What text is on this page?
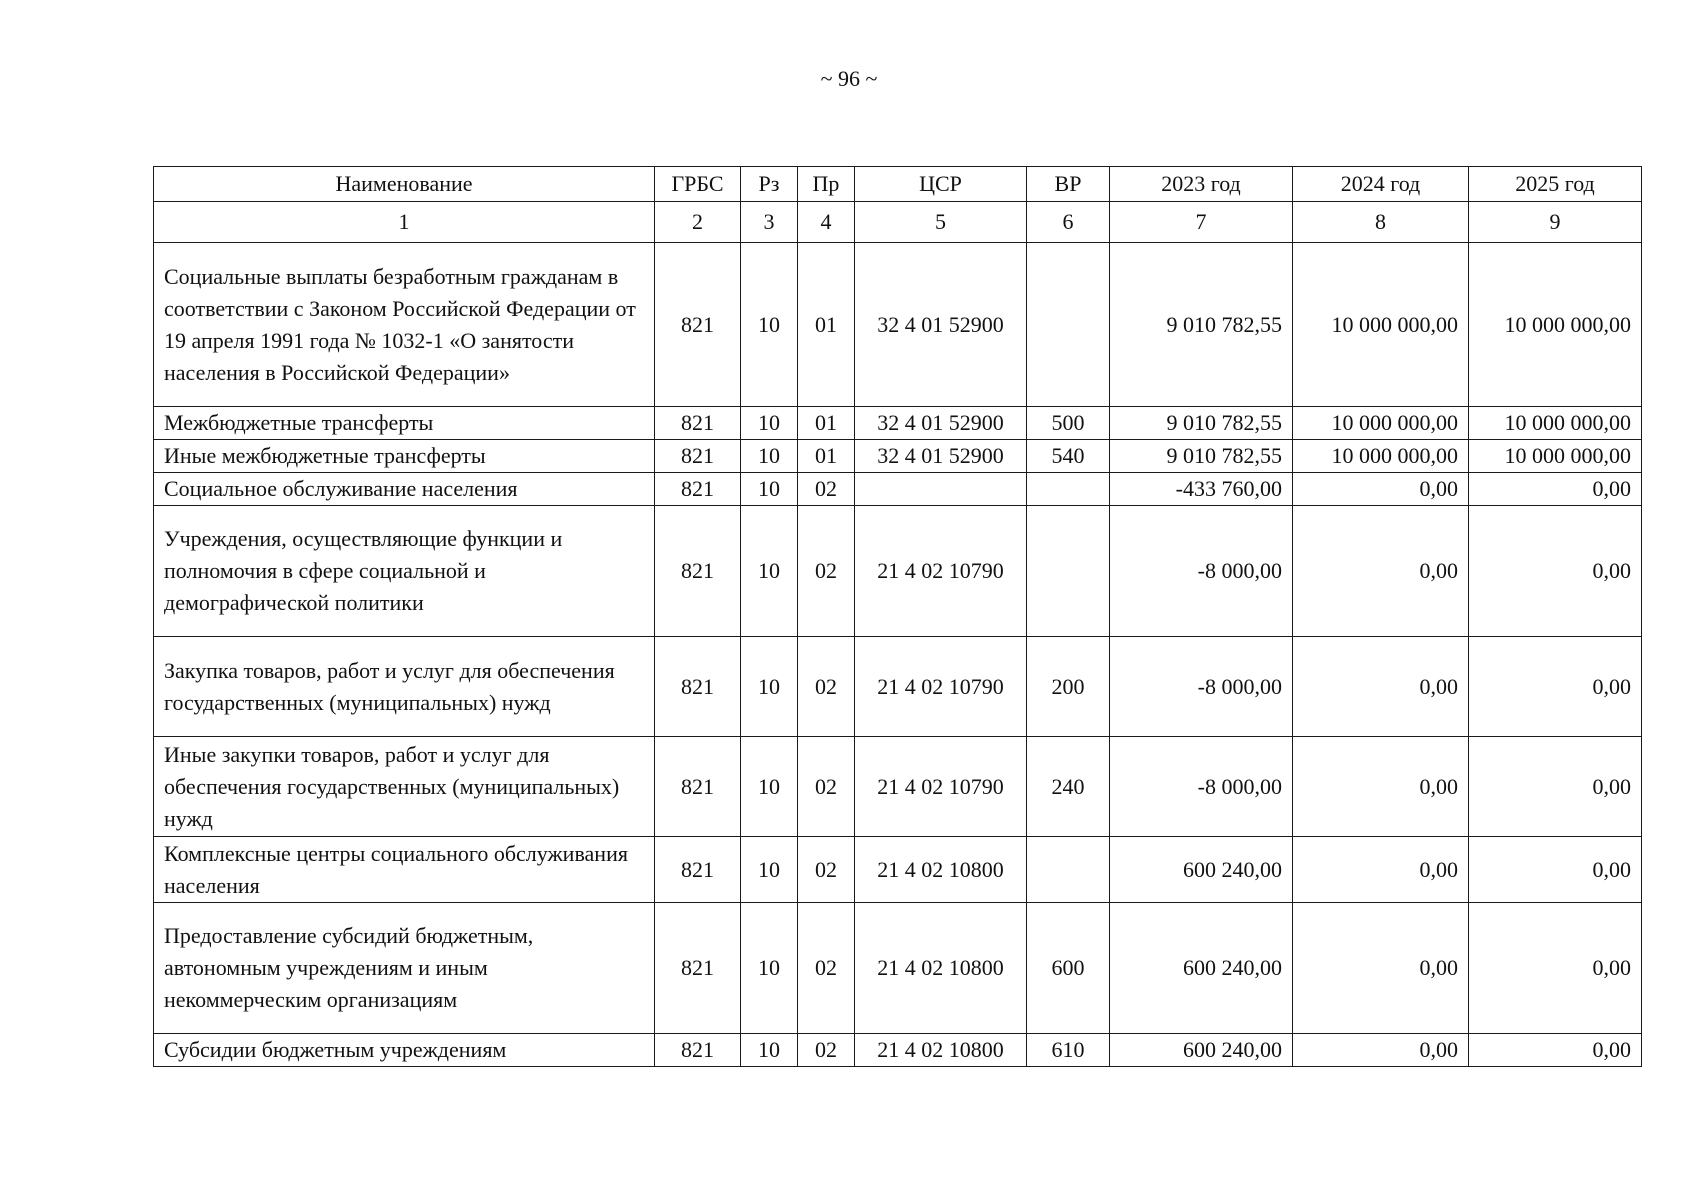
~ 96 ~
Наименование	ГРБС	Рз	Пр	ЦСР	ВР	2023 год	2024 год	2025 год
1	2	3	4	5	6	7	8	9
Социальные выплаты безработным гражданам в соответствии с Законом Российской Федерации от 19 апреля 1991 года № 1032-1 «О занятости населения в Российской Федерации»	821	10	01	32 4 01 52900		9 010 782,55	10 000 000,00	10 000 000,00
Межбюджетные трансферты	821	10	01	32 4 01 52900	500	9 010 782,55	10 000 000,00	10 000 000,00
Иные межбюджетные трансферты	821	10	01	32 4 01 52900	540	9 010 782,55	10 000 000,00	10 000 000,00
Социальное обслуживание населения	821	10	02			-433 760,00	0,00	0,00
Учреждения, осуществляющие функции и полномочия в сфере социальной и демографической политики	821	10	02	21 4 02 10790		-8 000,00	0,00	0,00
Закупка товаров, работ и услуг для обеспечения государственных (муниципальных) нужд	821	10	02	21 4 02 10790	200	-8 000,00	0,00	0,00
Иные закупки товаров, работ и услуг для обеспечения государственных (муниципальных) нужд	821	10	02	21 4 02 10790	240	-8 000,00	0,00	0,00
Комплексные центры социального обслуживания населения	821	10	02	21 4 02 10800		600 240,00	0,00	0,00
Предоставление субсидий бюджетным, автономным учреждениям и иным некоммерческим организациям	821	10	02	21 4 02 10800	600	600 240,00	0,00	0,00
Субсидии бюджетным учреждениям	821	10	02	21 4 02 10800	610	600 240,00	0,00	0,00
